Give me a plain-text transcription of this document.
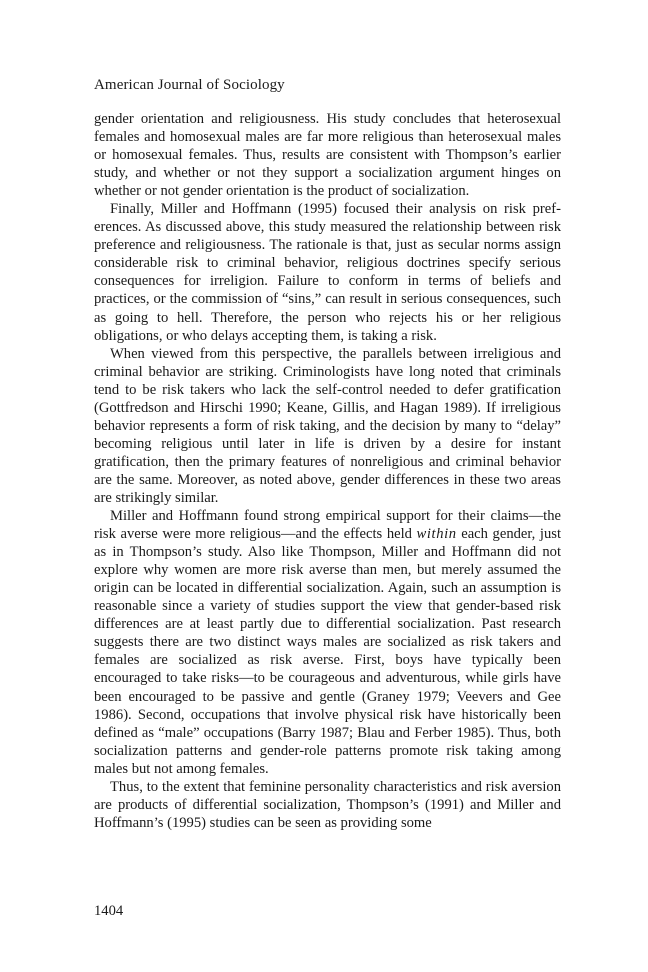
American Journal of Sociology

gender orientation and religiousness. His study concludes that heterosexual females and homosexual males are far more religious than heterosexual males or homosexual females. Thus, results are consistent with Thompson’s earlier study, and whether or not they support a socialization argument hinges on whether or not gender orientation is the product of socialization.

Finally, Miller and Hoffmann (1995) focused their analysis on risk preferences. As discussed above, this study measured the relationship between risk preference and religiousness. The rationale is that, just as secular norms assign considerable risk to criminal behavior, religious doctrines specify serious consequences for irreligion. Failure to conform in terms of beliefs and practices, or the commission of “sins,” can result in serious consequences, such as going to hell. Therefore, the person who rejects his or her religious obligations, or who delays accepting them, is taking a risk.

When viewed from this perspective, the parallels between irreligious and criminal behavior are striking. Criminologists have long noted that criminals tend to be risk takers who lack the self-control needed to defer gratification (Gottfredson and Hirschi 1990; Keane, Gillis, and Hagan 1989). If irreligious behavior represents a form of risk taking, and the decision by many to “delay” becoming religious until later in life is driven by a desire for instant gratification, then the primary features of nonreligious and criminal behavior are the same. Moreover, as noted above, gender differences in these two areas are strikingly similar.

Miller and Hoffmann found strong empirical support for their claims—the risk averse were more religious—and the effects held within each gender, just as in Thompson’s study. Also like Thompson, Miller and Hoffmann did not explore why women are more risk averse than men, but merely assumed the origin can be located in differential socialization. Again, such an assumption is reasonable since a variety of studies support the view that gender-based risk differences are at least partly due to differential socialization. Past research suggests there are two distinct ways males are socialized as risk takers and females are socialized as risk averse. First, boys have typically been encouraged to take risks—to be courageous and adventurous, while girls have been encouraged to be passive and gentle (Graney 1979; Veevers and Gee 1986). Second, occupations that involve physical risk have historically been defined as “male” occupations (Barry 1987; Blau and Ferber 1985). Thus, both socialization patterns and gender-role patterns promote risk taking among males but not among females.

Thus, to the extent that feminine personality characteristics and risk aversion are products of differential socialization, Thompson’s (1991) and Miller and Hoffmann’s (1995) studies can be seen as providing some

1404
